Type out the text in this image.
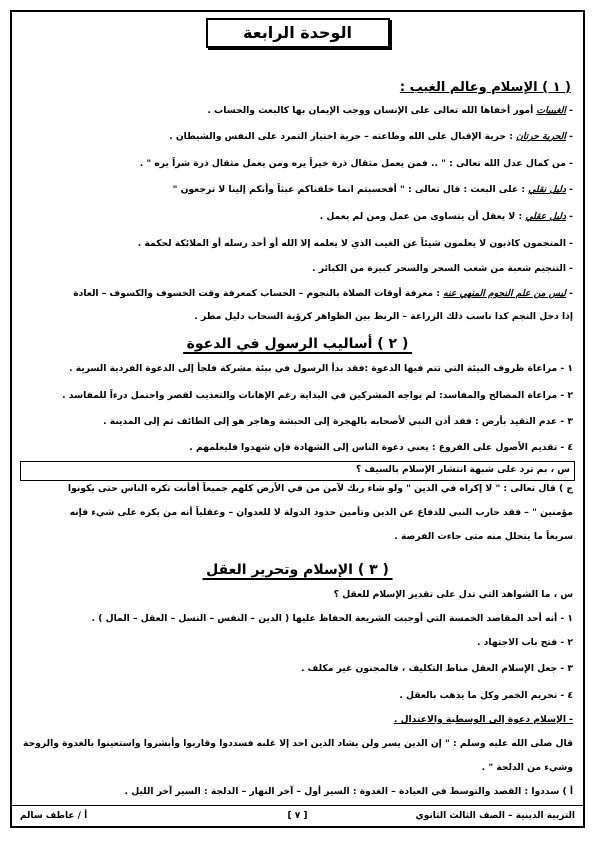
الوحدة الرابعة
( ١ ) الإسلام وعالم الغيب :
- الغيبيات أمور أخفاها الله تعالى على الإنسان ووجب الإيمان بها كالبعث والحساب .
- الحرية حرتان : حرية الإقبال على الله وطاعته – حرية اختيار التمرد على النفس والشيطان .
- من كمال عدل الله تعالى : " .. فمن يعمل مثقال ذرة خيراً يره ومن يعمل مثقال ذرة شراً يره " .
- دليل نقلي : على البعث : قال تعالى : " أفحسبتم انما خلقناكم عبثاً وأنكم إلينا لا ترجعون "
- دليل عقلي : لا يعقل أن يتساوى من عمل ومن لم يعمل .
- المنجمون كاذبون لا يعلمون شيئاً عن الغيب الذي لا يعلمه إلا الله أو أحد رسله أو الملائكة لحكمة .
- التنجيم شعبة من شعب السحر والسحر كبيرة من الكبائر .
- ليس من علم النجوم المنهي عنه : معرفة أوقات الصلاة بالنجوم – الحساب كمعرفة وقت الخسوف والكسوف – العادة
إذا دخل النجم كذا ناسب ذلك الزراعة – الربط بين الظواهر كرؤية السحاب دليل مطر .
( ٢ ) أساليب الرسول في الدعوة
١ - مراعاة ظروف البيئة التي تتم فيها الدعوة :فقد بدأ الرسول في بيئة مشركة فلجأ إلى الدعوة الفردية السرية .
٢ - مراعاة المصالح والمفاسد: لم يواجه المشركين في البداية رغم الإهانات والتعذيب لقصر واحتمل درءاً للمفاسد .
٣ - عدم التقيد بأرض : فقد أذن النبي لأصحابه بالهجرة إلى الحبشة وهاجر هو إلى الطائف ثم إلى المدينة .
٤ - تقديم الأصول على الفروع : يعني دعوة الناس إلى الشهادة فإن شهدوا فليعلمهم .
س ، بم ترد على شبهة انتشار الإسلام بالسيف ؟
ج ) قال تعالى : " لا إكراه في الدين " ولو شاء ربك لآمن من في الأرض كلهم جميعاً أفأنت تكره الناس حتى يكونوا
مؤمنين " – فقد حارب النبي للدفاع عن الدين وتأمين حدود الدولة لا للعدوان – وعقلياً أنه من يكره على شيء فإنه
سريعاً ما يتحلل منه متى جاءت الفرصة .
( ٣ ) الإسلام وتحرير العقل
س ، ما الشواهد التي تدل على تقدير الإسلام للعقل ؟
١ - أنه أحد المقاصد الخمسة التي أوجبت الشريعة الحفاظ عليها ( الدين – النفس – النسل – العقل – المال ) .
٢ - فتح باب الاجتهاد .
٣ - جعل الإسلام العقل مناط التكليف ، فالمجنون غير مكلف .
٤ - تحريم الخمر وكل ما يذهب بالعقل .
- الإسلام دعوة إلى الوسطية والاعتدال .
قال صلى الله عليه وسلم : " إن الدين يسر ولن يشاد الدين احد إلا غلبه فسددوا وقاربوا وأبشروا واستعينوا بالغدوة والروحة
وشيء من الدلجة " .
أ ) سددوا : القصد والتوسط في العبادة – الغدوة : السير أول – آخر النهار – الدلجة : السير آخر الليل .
التربية الدينية – الصف الثالث الثانوي
[ ٧ ]
أ / عاطف سالم
